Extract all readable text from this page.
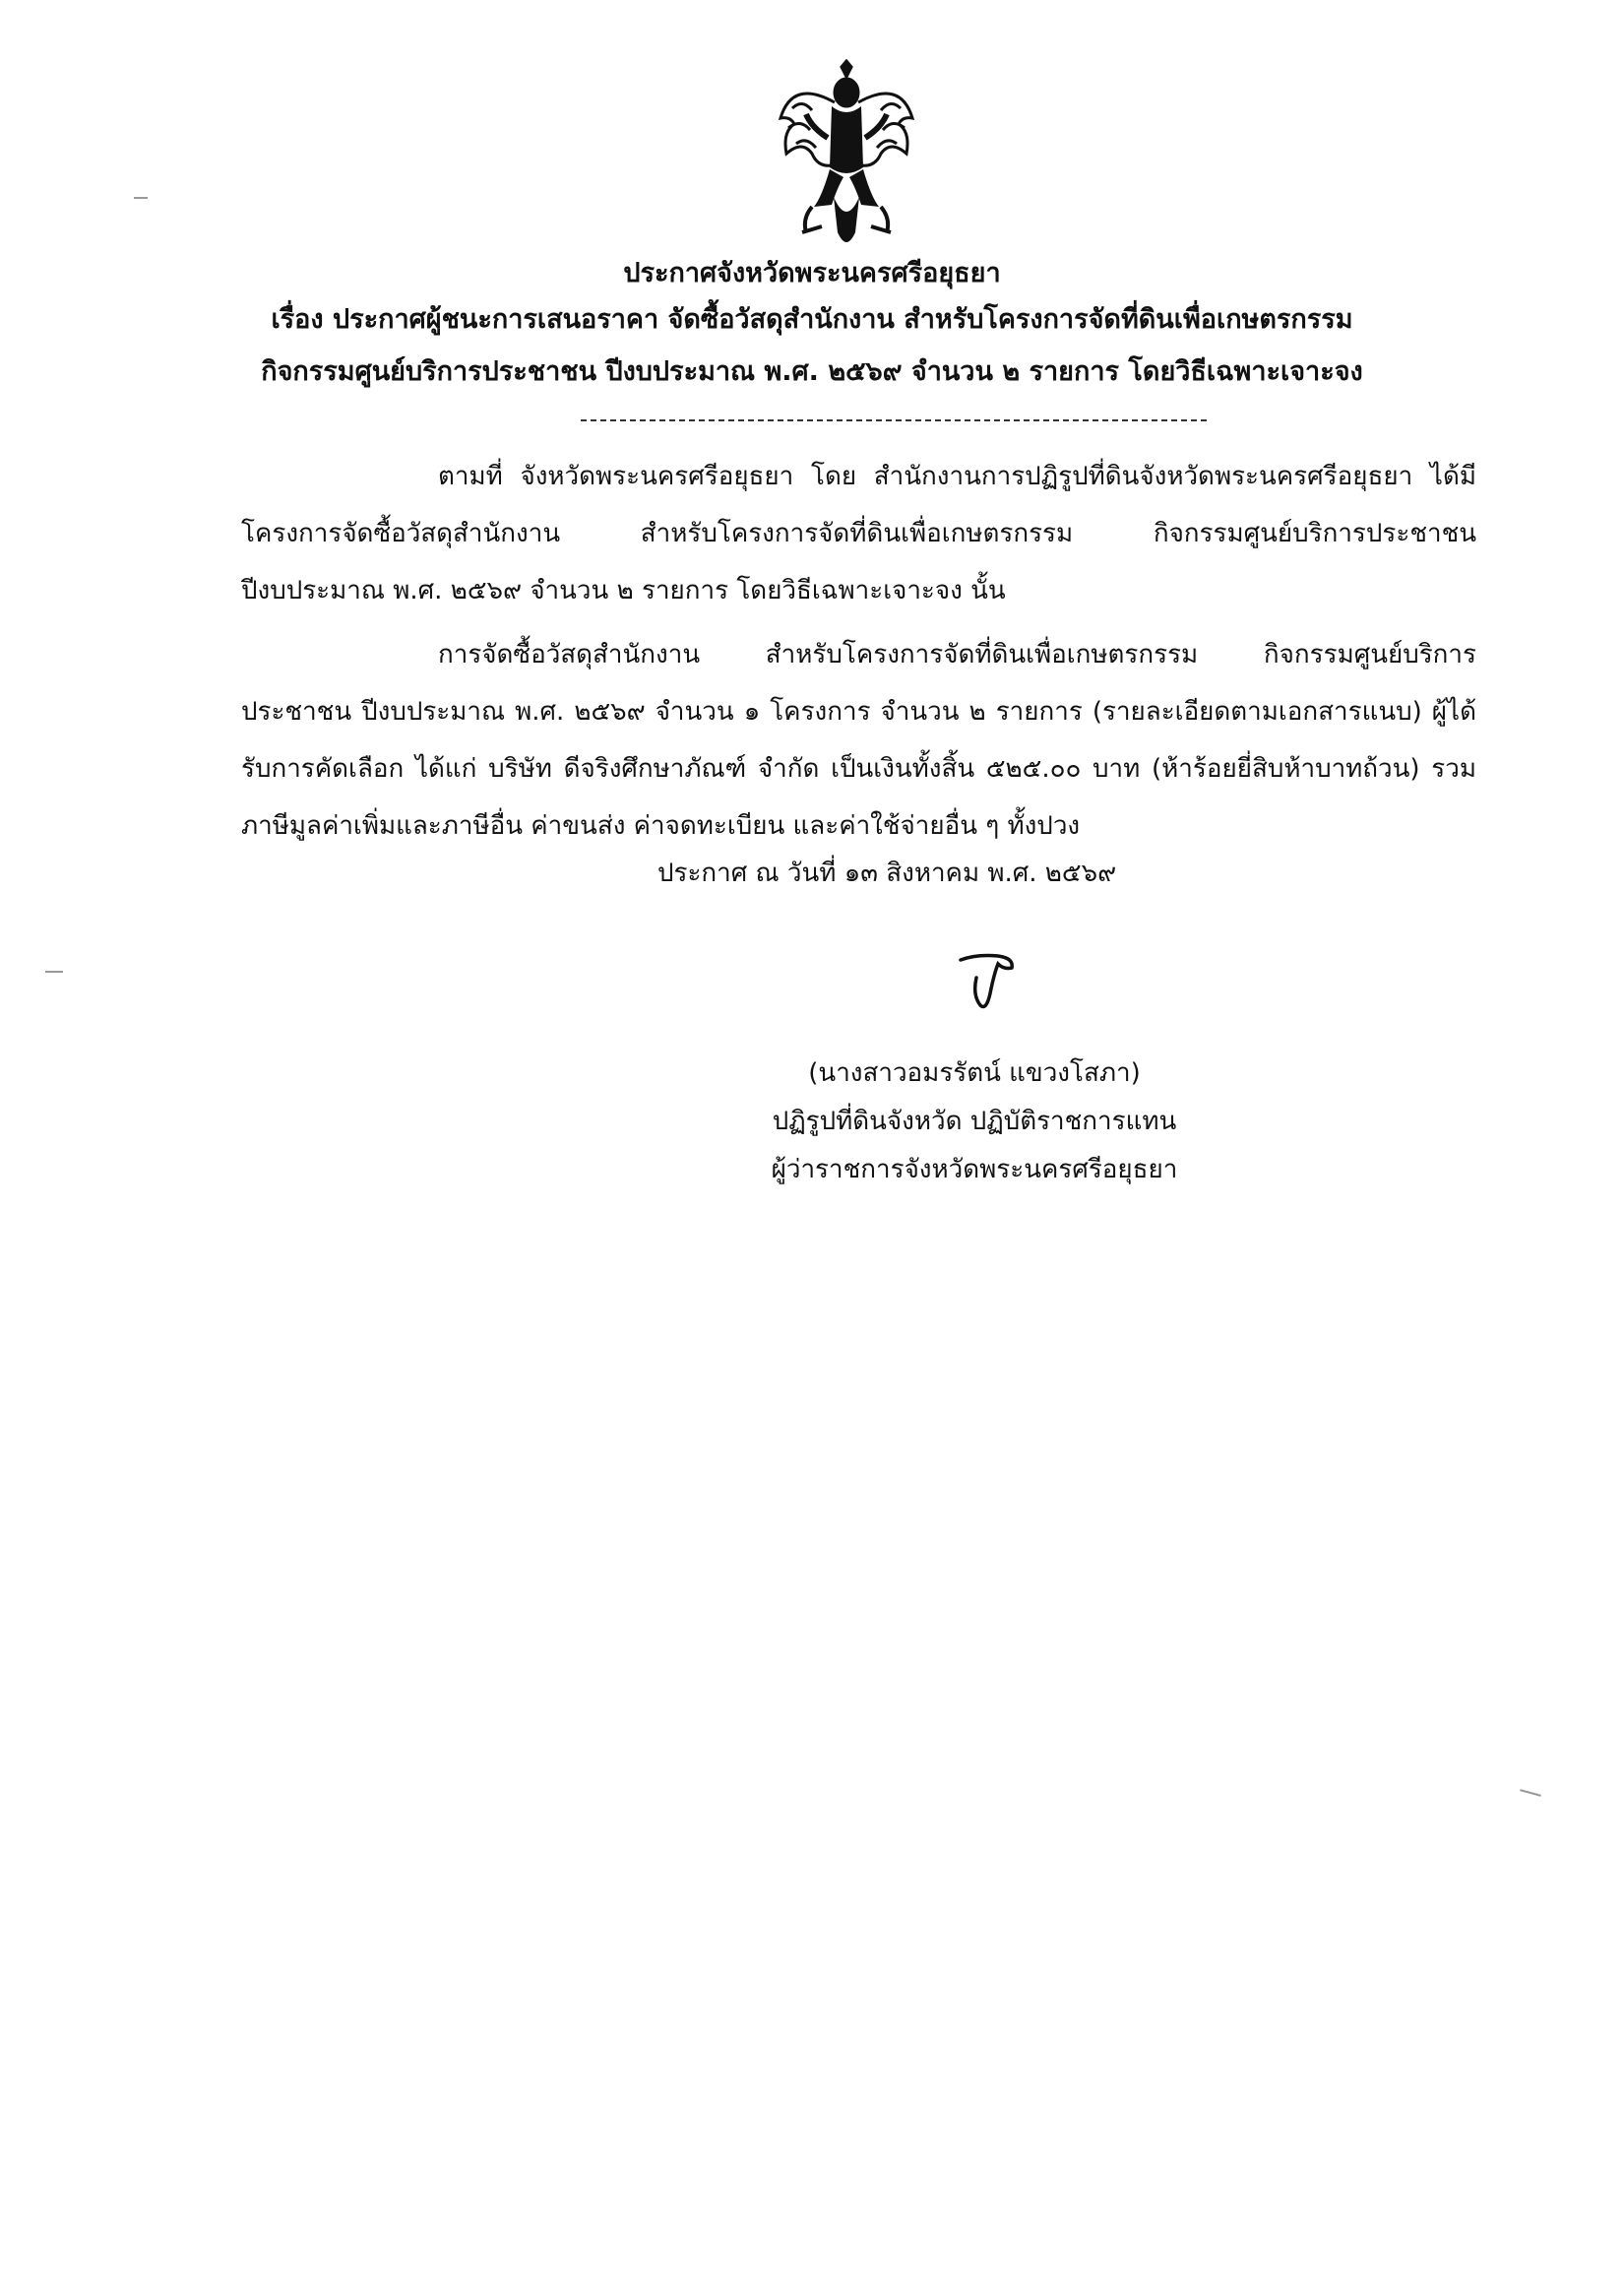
ประกาศจังหวัดพระนครศรีอยุธยา
เรื่อง ประกาศผู้ชนะการเสนอราคา จัดซื้อวัสดุสำนักงาน สำหรับโครงการจัดที่ดินเพื่อเกษตรกรรม
กิจกรรมศูนย์บริการประชาชน ปีงบประมาณ พ.ศ. ๒๕๖๙ จำนวน ๒ รายการ โดยวิธีเฉพาะเจาะจง
ตามที่ จังหวัดพระนครศรีอยุธยา โดย สำนักงานการปฏิรูปที่ดินจังหวัดพระนครศรีอยุธยา ได้มีโครงการจัดซื้อวัสดุสำนักงาน สำหรับโครงการจัดที่ดินเพื่อเกษตรกรรม กิจกรรมศูนย์บริการประชาชน ปีงบประมาณ พ.ศ. ๒๕๖๙ จำนวน ๒ รายการ โดยวิธีเฉพาะเจาะจง นั้น
การจัดซื้อวัสดุสำนักงาน สำหรับโครงการจัดที่ดินเพื่อเกษตรกรรม กิจกรรมศูนย์บริการ ประชาชน ปีงบประมาณ พ.ศ. ๒๕๖๙ จำนวน ๑ โครงการ จำนวน ๒ รายการ (รายละเอียดตามเอกสารแนบ) ผู้ได้รับการคัดเลือก ได้แก่ บริษัท ดีจริงศึกษาภัณฑ์ จำกัด เป็นเงินทั้งสิ้น ๕๒๕.๐๐ บาท (ห้าร้อยยี่สิบห้าบาทถ้วน) รวมภาษีมูลค่าเพิ่มและภาษีอื่น ค่าขนส่ง ค่าจดทะเบียน และค่าใช้จ่ายอื่น ๆ ทั้งปวง
ประกาศ ณ วันที่ ๑๓ สิงหาคม พ.ศ. ๒๕๖๙
(นางสาวอมรรัตน์ แขวงโสภา)
ปฏิรูปที่ดินจังหวัด ปฏิบัติราชการแทน
ผู้ว่าราชการจังหวัดพระนครศรีอยุธยา
